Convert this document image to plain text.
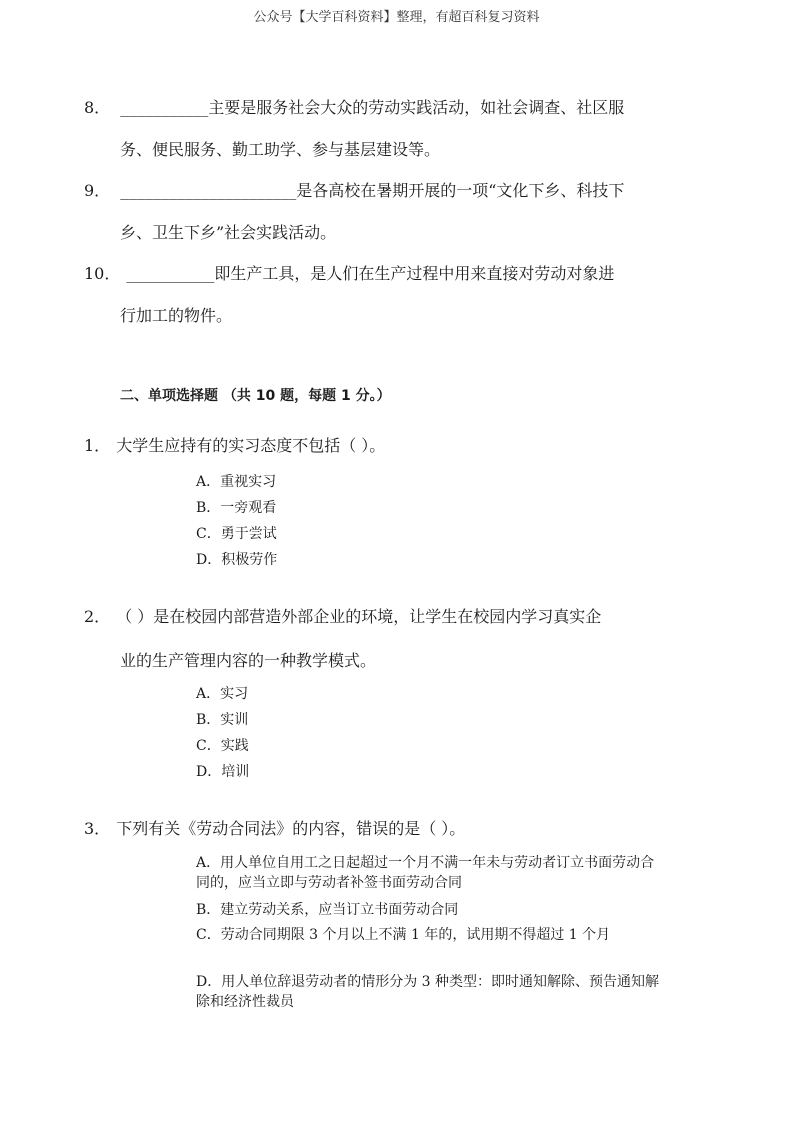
公众号【大学百科资料】整理，有超百科复习资料
8． ___________主要是服务社会大众的劳动实践活动，如社会调查、社区服
务、便民服务、勤工助学、参与基层建设等。
9． ______________________是各高校在暑期开展的一项“文化下乡、科技下
乡、卫生下乡”社会实践活动。
10． ___________即生产工具，是人们在生产过程中用来直接对劳动对象进
行加工的物件。
二、单项选择题 （共 10 题，每题 1 分。）
1． 大学生应持有的实习态度不包括（ ）。
A．重视实习
B．一旁观看
C．勇于尝试
D．积极劳作
2． （ ）是在校园内部营造外部企业的环境，让学生在校园内学习真实企
业的生产管理内容的一种教学模式。
A．实习
B．实训
C．实践
D．培训
3． 下列有关《劳动合同法》的内容，错误的是（ ）。
A．用人单位自用工之日起超过一个月不满一年未与劳动者订立书面劳动合同的，应当立即与劳动者补签书面劳动合同
B．建立劳动关系，应当订立书面劳动合同
C．劳动合同期限 3 个月以上不满 1 年的，试用期不得超过 1 个月
D．用人单位辞退劳动者的情形分为 3 种类型：即时通知解除、预告通知解除和经济性裁员
